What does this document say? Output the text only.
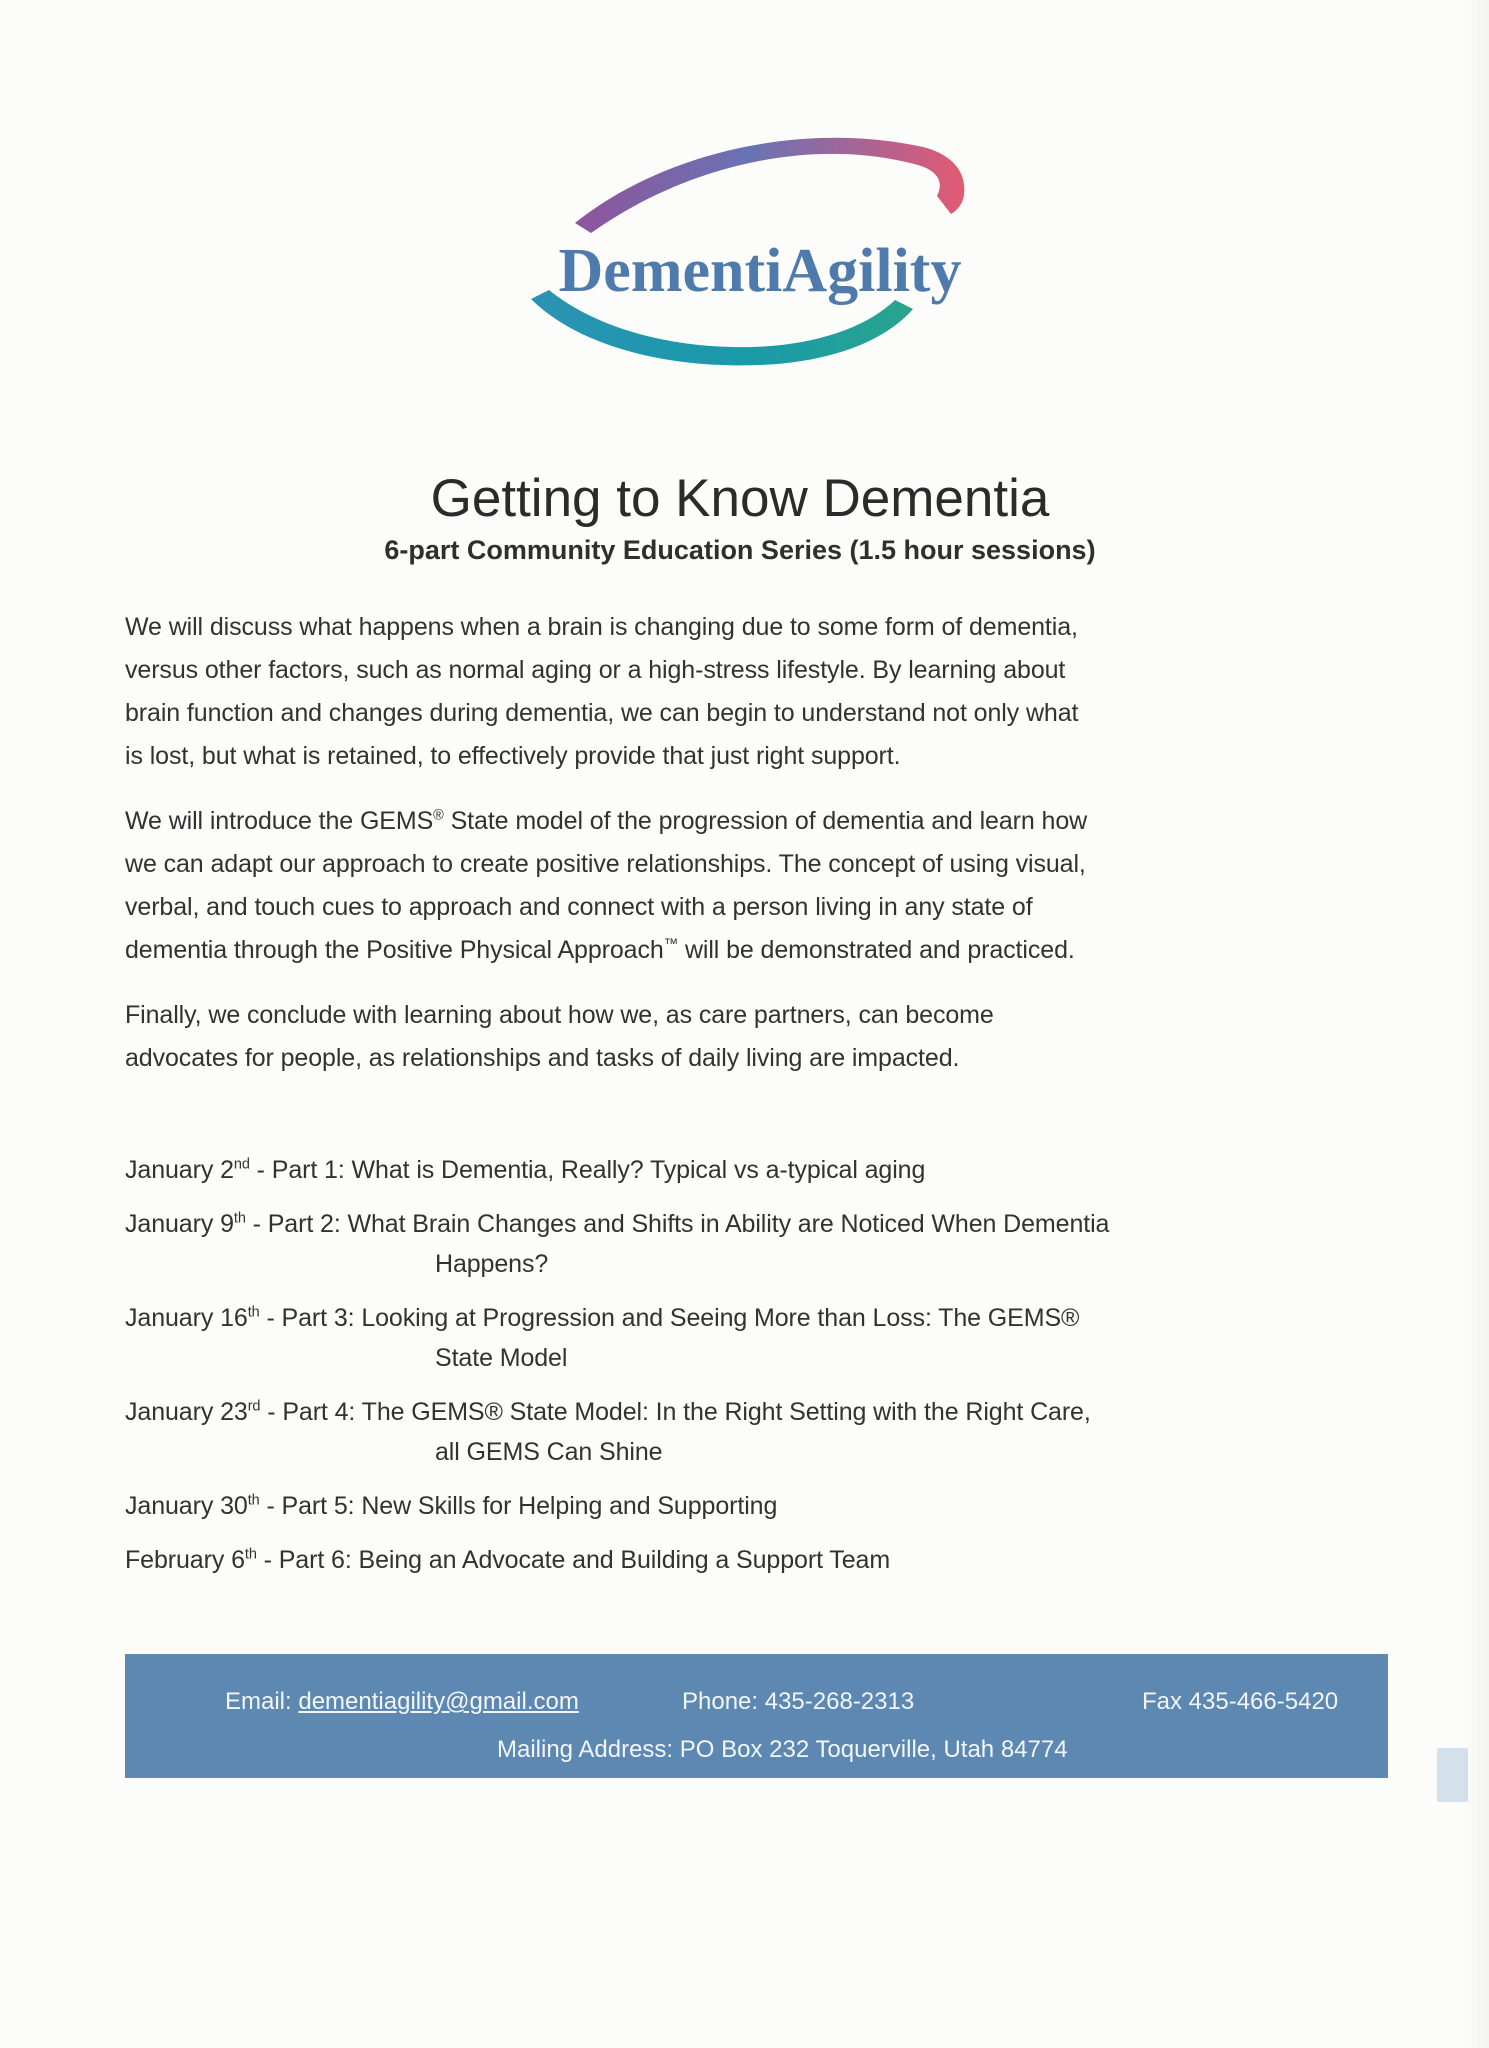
DementiAgility
Getting to Know Dementia
6-part Community Education Series (1.5 hour sessions)
We will discuss what happens when a brain is changing due to some form of dementia,
versus other factors, such as normal aging or a high-stress lifestyle. By learning about
brain function and changes during dementia, we can begin to understand not only what
is lost, but what is retained, to effectively provide that just right support.
We will introduce the GEMS® State model of the progression of dementia and learn how
we can adapt our approach to create positive relationships. The concept of using visual,
verbal, and touch cues to approach and connect with a person living in any state of
dementia through the Positive Physical Approach™ will be demonstrated and practiced.
Finally, we conclude with learning about how we, as care partners, can become
advocates for people, as relationships and tasks of daily living are impacted.
January 2nd - Part 1: What is Dementia, Really? Typical vs a-typical aging
January 9th - Part 2: What Brain Changes and Shifts in Ability are Noticed When Dementia
Happens?
January 16th - Part 3: Looking at Progression and Seeing More than Loss: The GEMS®
State Model
January 23rd - Part 4: The GEMS® State Model: In the Right Setting with the Right Care,
all GEMS Can Shine
January 30th - Part 5: New Skills for Helping and Supporting
February 6th - Part 6: Being an Advocate and Building a Support Team
Email: dementiagility@gmail.com	Phone: 435-268-2313	Fax 435-466-5420
Mailing Address: PO Box 232 Toquerville, Utah 84774
